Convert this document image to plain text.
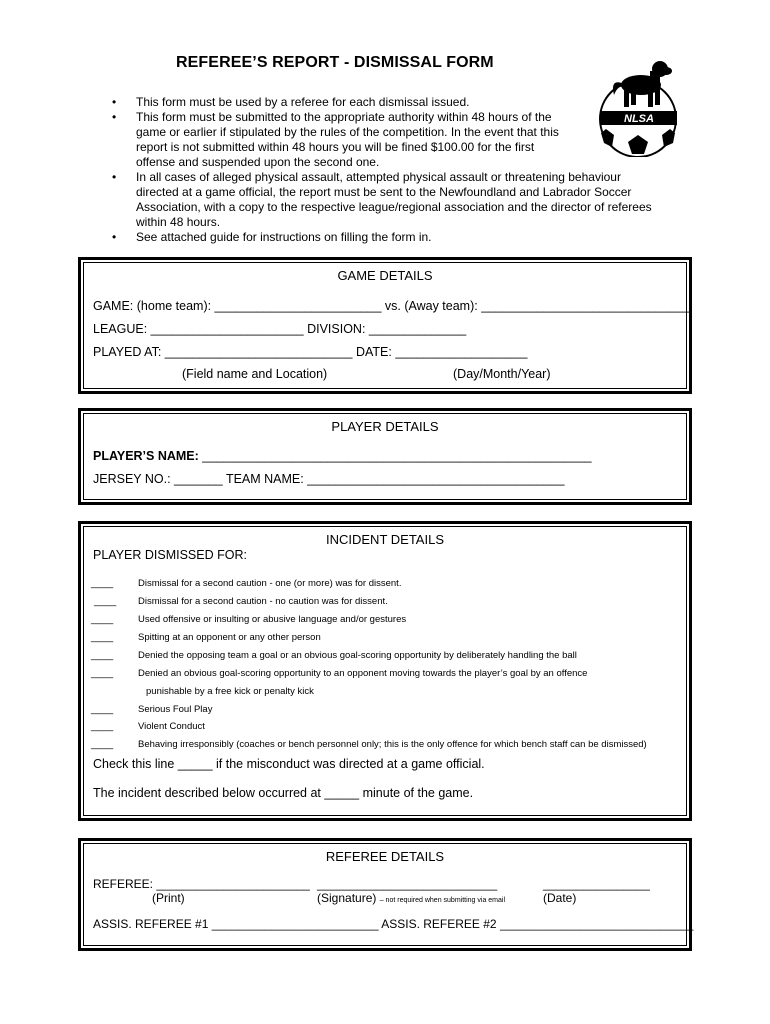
REFEREE’S REPORT - DISMISSAL FORM
NLSA
• This form must be used by a referee for each dismissal issued.
• This form must be submitted to the appropriate authority within 48 hours of the
game or earlier if stipulated by the rules of the competition. In the event that this
report is not submitted within 48 hours you will be fined $100.00 for the first
offense and suspended upon the second one.
• In all cases of alleged physical assault, attempted physical assault or threatening behaviour
directed at a game official, the report must be sent to the Newfoundland and Labrador Soccer
Association, with a copy to the respective league/regional association and the director of referees
within 48 hours.
• See attached guide for instructions on filling the form in.
GAME DETAILS
GAME: (home team): ________________________ vs. (Away team): ______________________________
LEAGUE: ______________________ DIVISION: ______________
PLAYED AT: ___________________________ DATE: ___________________
(Field name and Location)	(Day/Month/Year)
PLAYER DETAILS
PLAYER’S NAME: ________________________________________________________
JERSEY NO.: _______ TEAM NAME: _____________________________________
INCIDENT DETAILS
PLAYER DISMISSED FOR:
____	Dismissal for a second caution - one (or more) was for dissent.
____ Dismissal for a second caution - no caution was for dissent.
____	Used offensive or insulting or abusive language and/or gestures
____	Spitting at an opponent or any other person
____	Denied the opposing team a goal or an obvious goal-scoring opportunity by deliberately handling the ball
____	Denied an obvious goal-scoring opportunity to an opponent moving towards the player’s goal by an offence
punishable by a free kick or penalty kick
____	Serious Foul Play
____	Violent Conduct
____	Behaving irresponsibly (coaches or bench personnel only; this is the only offence for which bench staff can be dismissed)
Check this line _____ if the misconduct was directed at a game official.
The incident described below occurred at _____ minute of the game.
REFEREE DETAILS
REFEREE: _______________________ ___________________________	________________
(Print)	(Signature) – not required when submitting via email	(Date)
ASSIS. REFEREE #1 _________________________ ASSIS. REFEREE #2 _____________________________
